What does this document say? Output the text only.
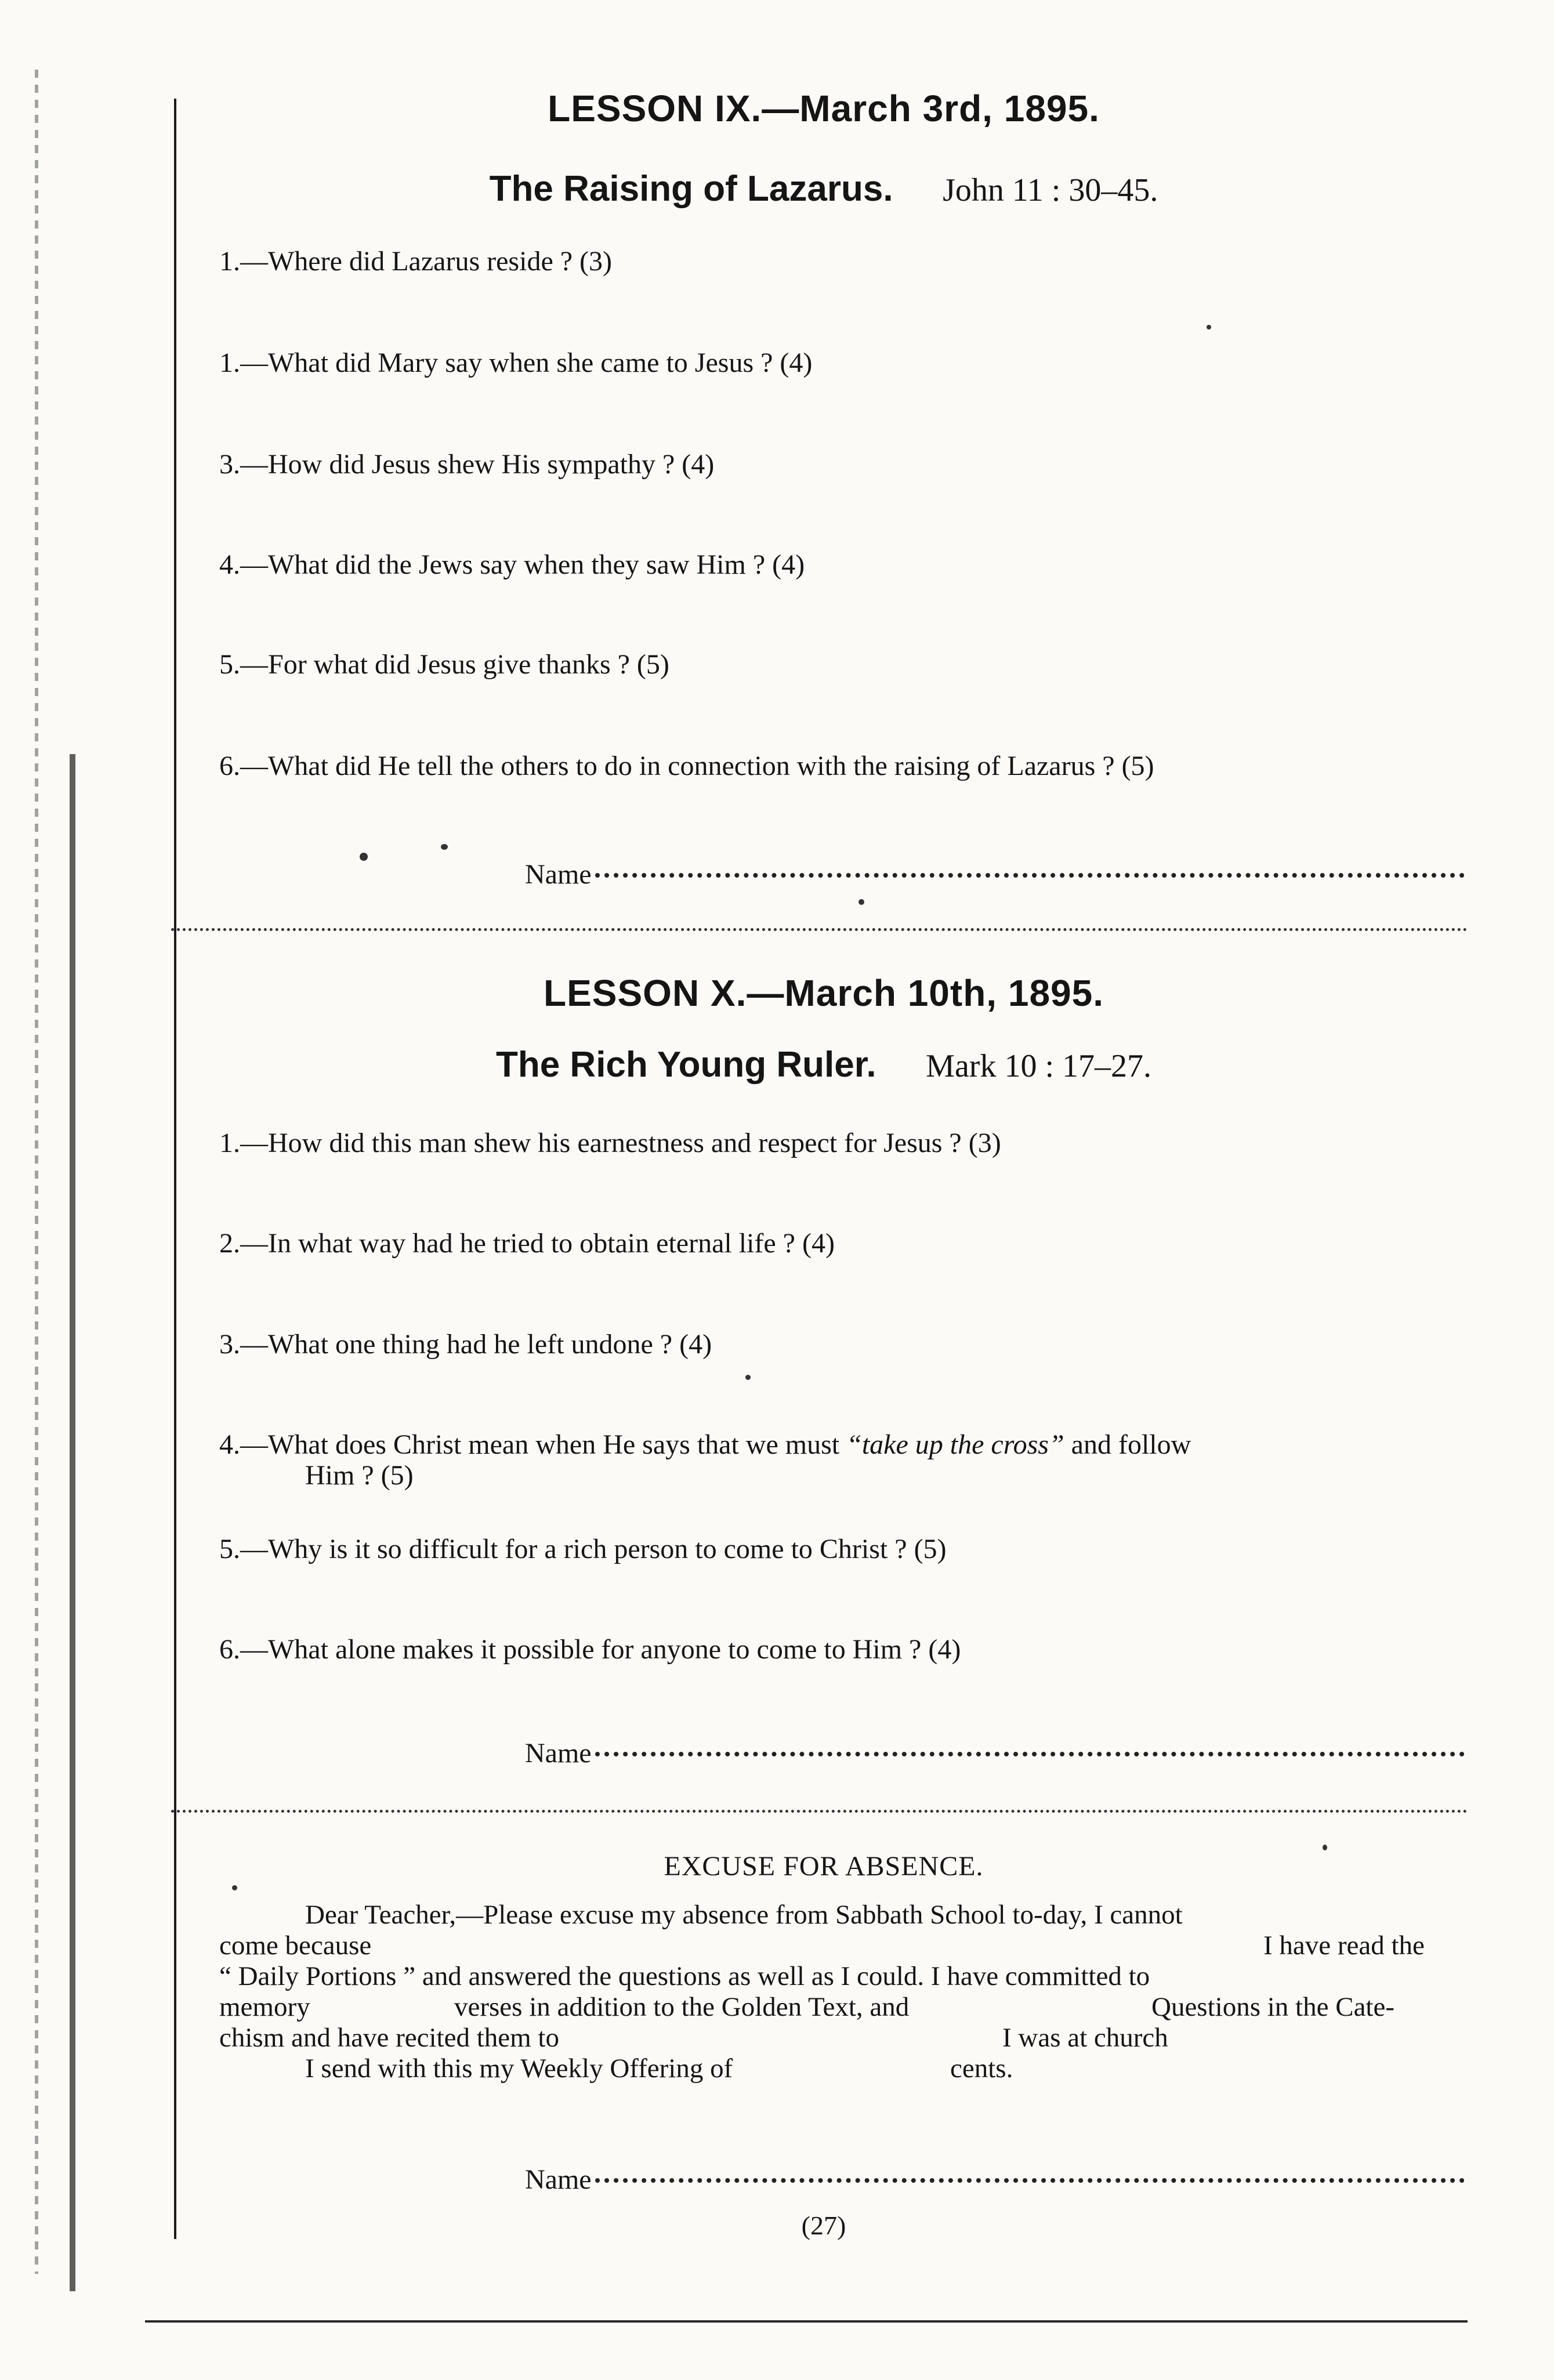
LESSON IX.—March 3rd, 1895.
The Raising of Lazarus. John 11 : 30–45.
1.—Where did Lazarus reside ? (3)
1.—What did Mary say when she came to Jesus ? (4)
3.—How did Jesus shew His sympathy ? (4)
4.—What did the Jews say when they saw Him ? (4)
5.—For what did Jesus give thanks ? (5)
6.—What did He tell the others to do in connection with the raising of Lazarus ? (5)
Name
LESSON X.—March 10th, 1895.
The Rich Young Ruler. Mark 10 : 17–27.
1.—How did this man shew his earnestness and respect for Jesus ? (3)
2.—In what way had he tried to obtain eternal life ? (4)
3.—What one thing had he left undone ? (4)
4.—What does Christ mean when He says that we must “take up the cross” and follow
Him ? (5)
5.—Why is it so difficult for a rich person to come to Christ ? (5)
6.—What alone makes it possible for anyone to come to Him ? (4)
Name
EXCUSE FOR ABSENCE.
Dear Teacher,—Please excuse my absence from Sabbath School to-day, I cannot
come because	I have read the
“ Daily Portions ” and answered the questions as well as I could. I have committed to
memory	verses in addition to the Golden Text, and	Questions in the Cate-
chism and have recited them to	I was at church
I send with this my Weekly Offering of	cents.
Name
(27)
